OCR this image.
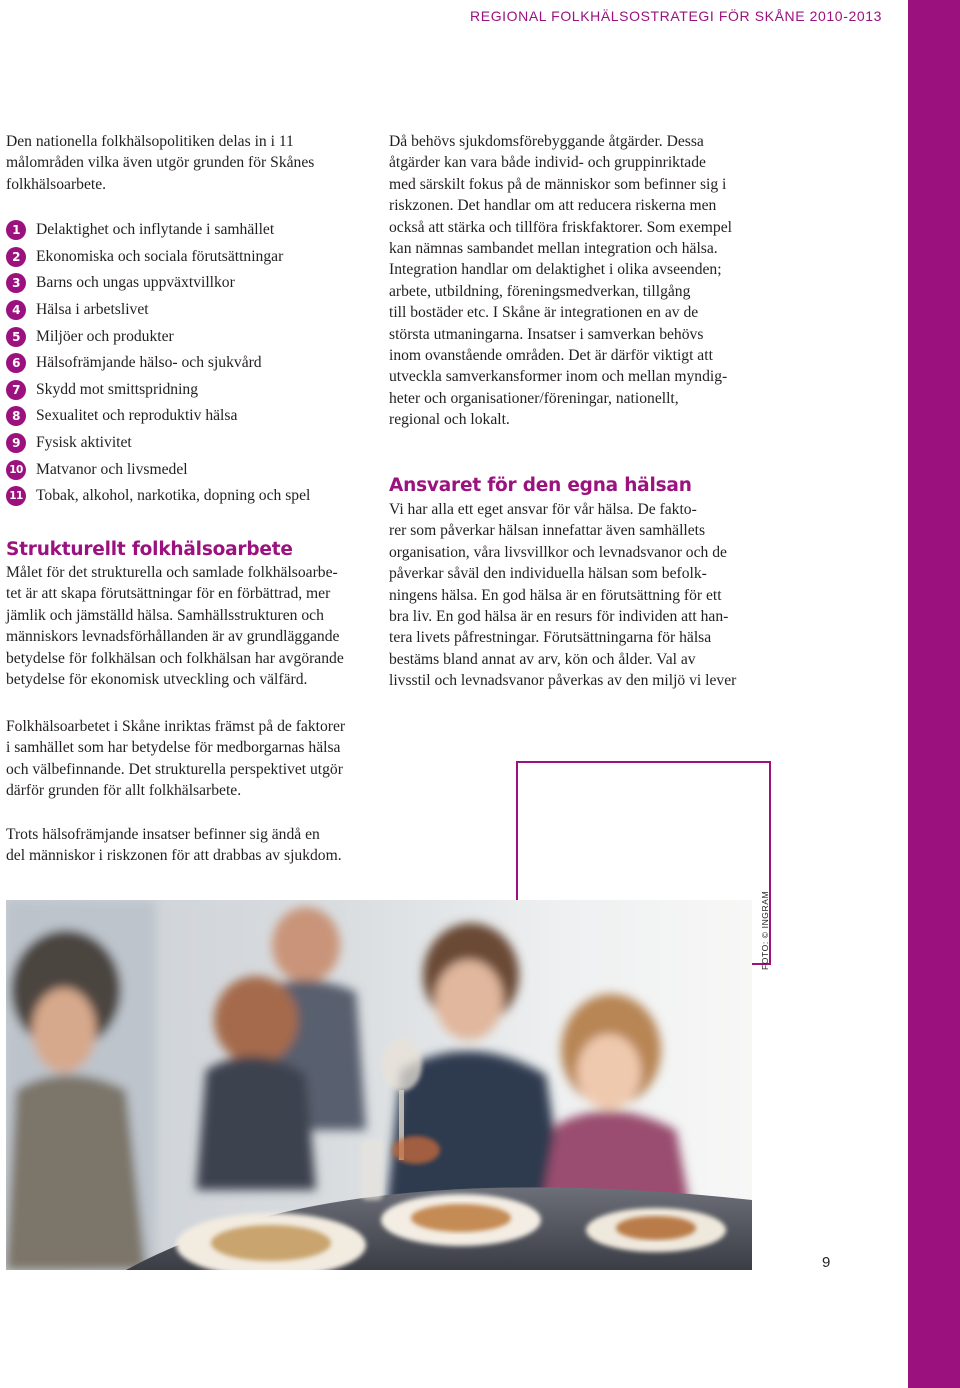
REGIONAL FOLKHÄLSOSTRATEGI FÖR SKÅNE 2010-2013
Den nationella folkhälsopolitiken delas in i 11
målområden vilka även utgör grunden för Skånes
folkhälsoarbete.
1	Delaktighet och inflytande i samhället
2	Ekonomiska och sociala förutsättningar
3	Barns och ungas uppväxtvillkor
4	Hälsa i arbetslivet
5	Miljöer och produkter
6	Hälsofrämjande hälso- och sjukvård
7	Skydd mot smittspridning
8	Sexualitet och reproduktiv hälsa
9	Fysisk aktivitet
10 Matvanor och livsmedel
11 Tobak, alkohol, narkotika, dopning och spel
Strukturellt folkhälsoarbete
Målet för det strukturella och samlade folkhälsoarbe-
tet är att skapa förutsättningar för en förbättrad, mer
jämlik och jämställd hälsa. Samhällsstrukturen och
människors levnadsförhållanden är av grundläggande
betydelse för folkhälsan och folkhälsan har avgörande
betydelse för ekonomisk utveckling och välfärd.
Folkhälsoarbetet i Skåne inriktas främst på de faktorer
i samhället som har betydelse för medborgarnas hälsa
och välbefinnande. Det strukturella perspektivet utgör
därför grunden för allt folkhälsarbete.
Trots hälsofrämjande insatser befinner sig ändå en
del människor i riskzonen för att drabbas av sjukdom.
Då behövs sjukdomsförebyggande åtgärder. Dessa
åtgärder kan vara både individ- och gruppinriktade
med särskilt fokus på de människor som befinner sig i
riskzonen. Det handlar om att reducera riskerna men
också att stärka och tillföra friskfaktorer. Som exempel
kan nämnas sambandet mellan integration och hälsa.
Integration handlar om delaktighet i olika avseenden;
arbete, utbildning, föreningsmedverkan, tillgång
till bostäder etc. I Skåne är integrationen en av de
största utmaningarna. Insatser i samverkan behövs
inom ovanstående områden. Det är därför viktigt att
utveckla samverkansformer inom och mellan myndig-
heter och organisationer/föreningar, nationellt,
regional och lokalt.
Ansvaret för den egna hälsan
Vi har alla ett eget ansvar för vår hälsa. De fakto-
rer som påverkar hälsan innefattar även samhällets
organisation, våra livsvillkor och levnadsvanor och de
påverkar såväl den individuella hälsan som befolk-
ningens hälsa. En god hälsa är en förutsättning för ett
bra liv. En god hälsa är en resurs för individen att han-
tera livets påfrestningar. Förutsättningarna för hälsa
bestäms bland annat av arv, kön och ålder. Val av
livsstil och levnadsvanor påverkas av den miljö vi lever
FOTO: © INGRAM
9
